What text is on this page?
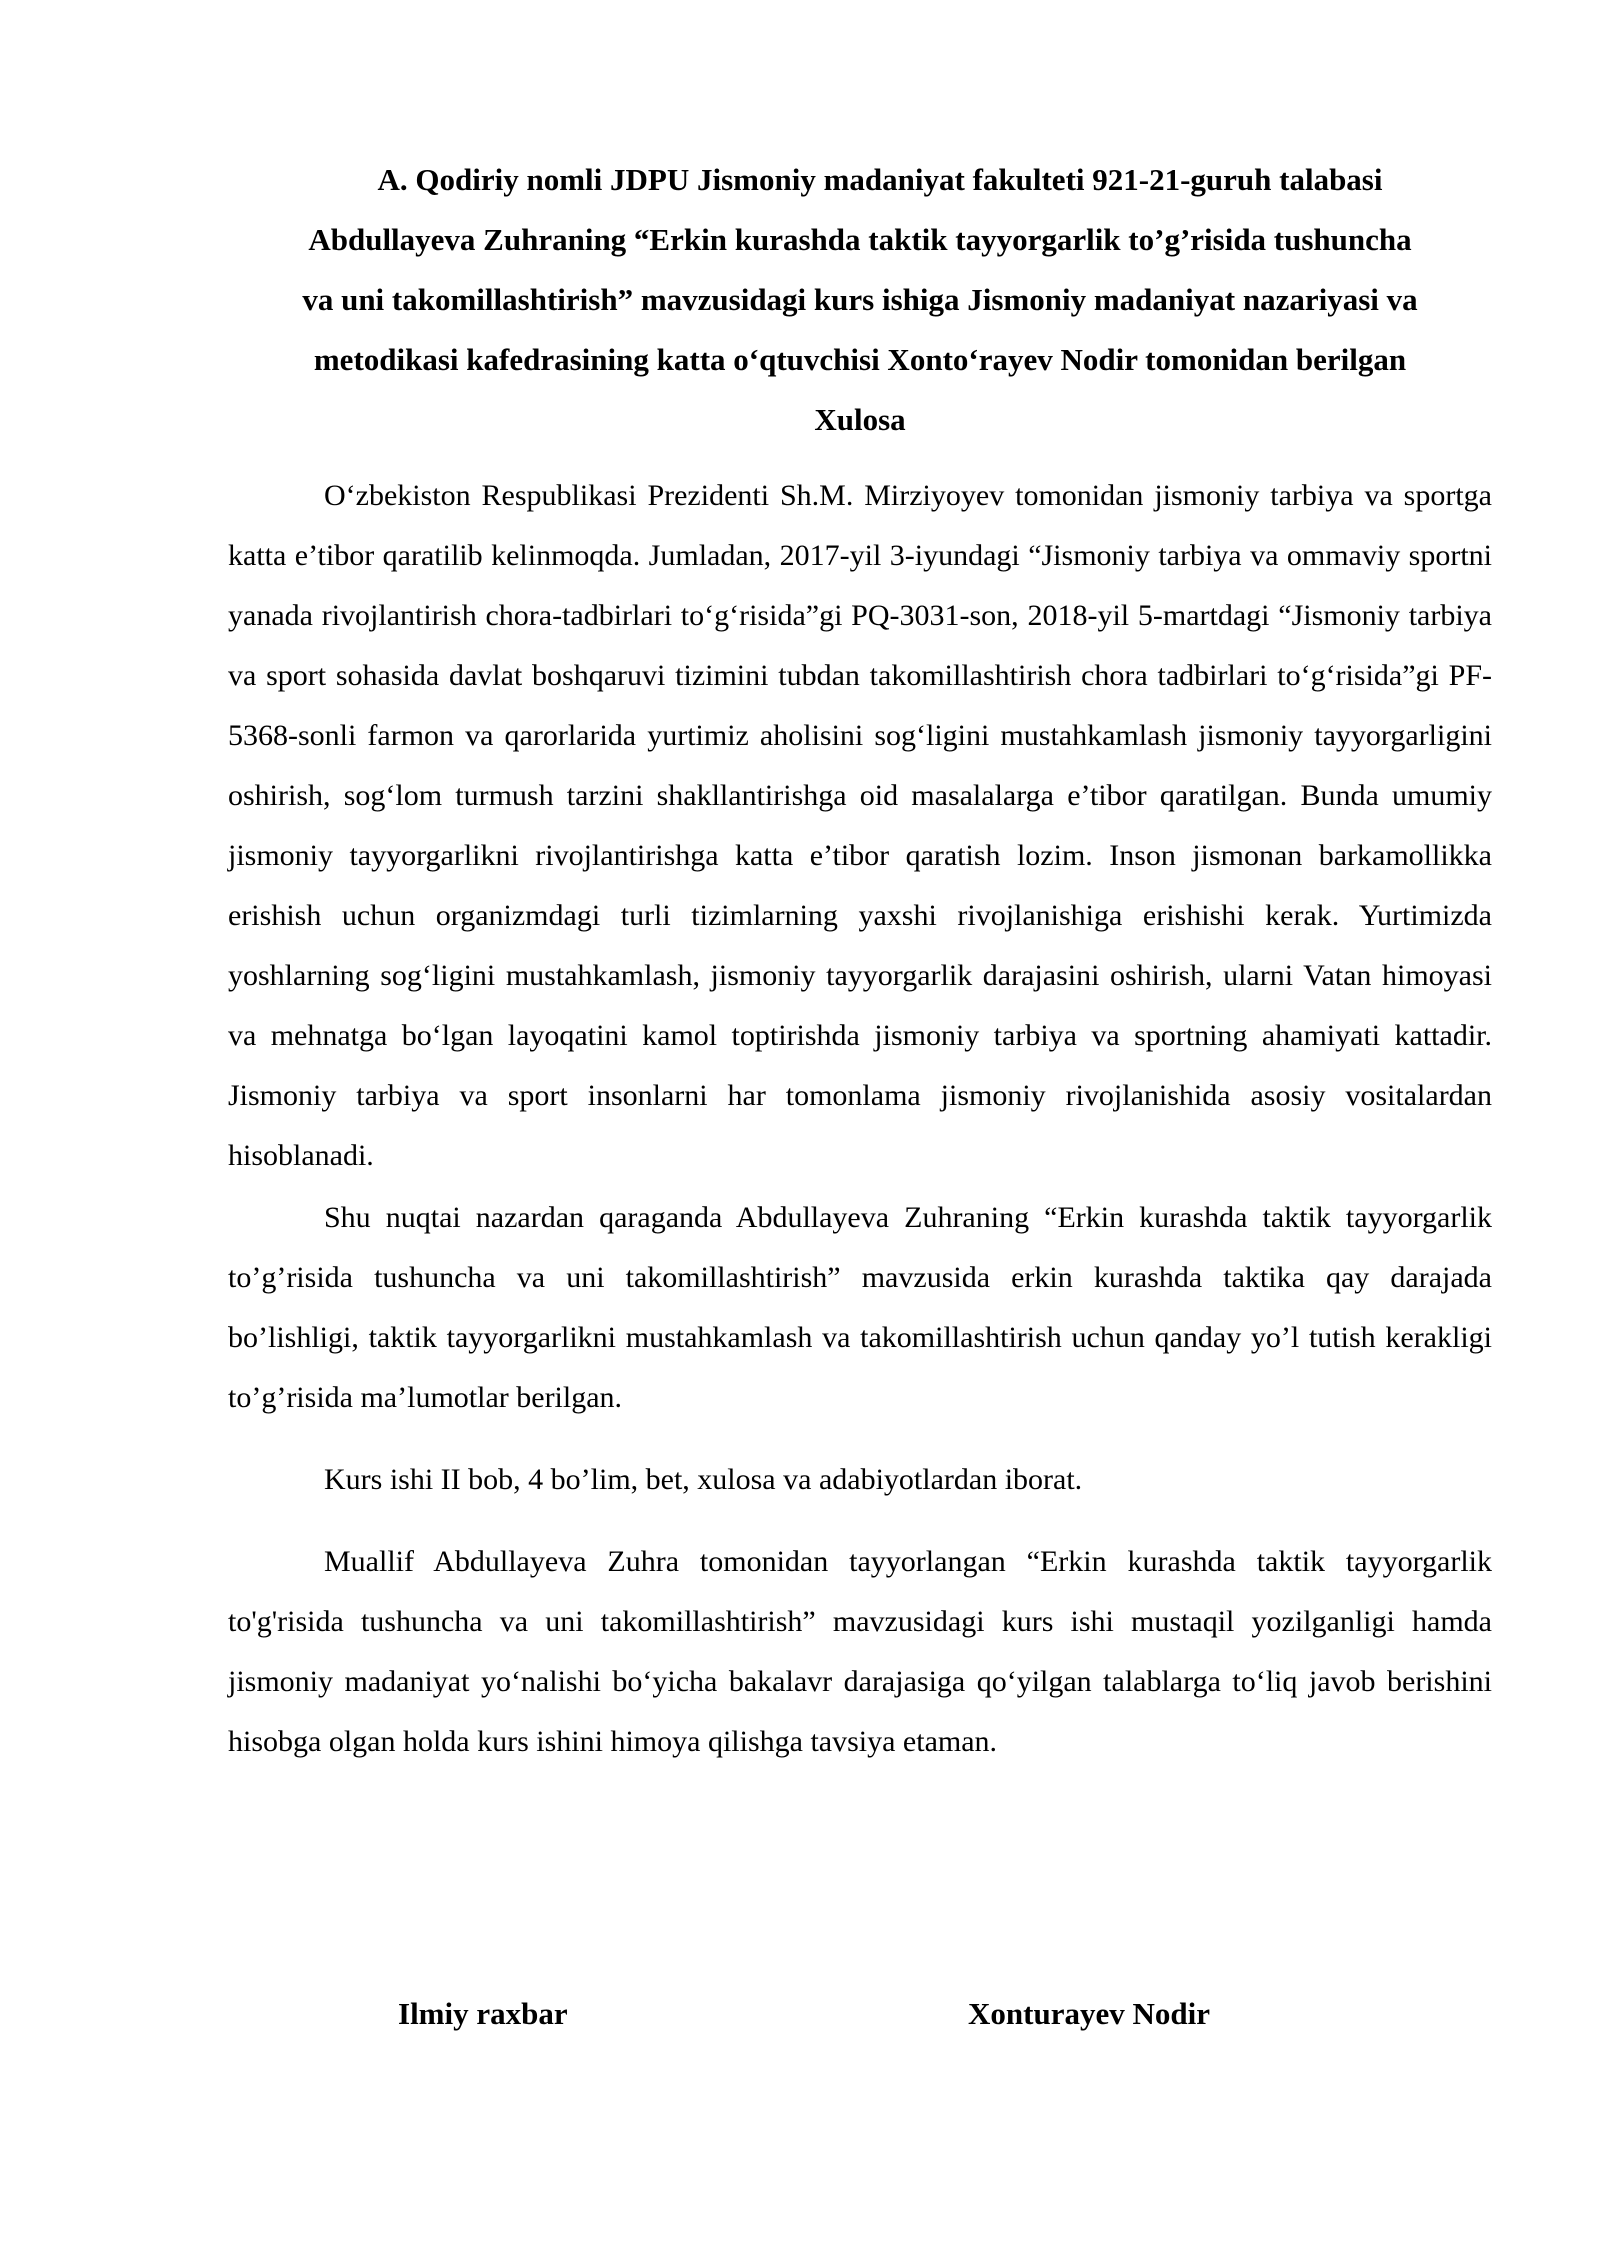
A. Qodiriy nomli JDPU Jismoniy madaniyat fakulteti 921-21-guruh talabasi
Abdullayeva Zuhraning “Erkin kurashda taktik tayyorgarlik to’g’risida tushuncha
va uni takomillashtirish” mavzusidagi kurs ishiga Jismoniy madaniyat nazariyasi va
metodikasi kafedrasining katta o‘qtuvchisi Xonto‘rayev Nodir tomonidan berilgan
Xulosa

O‘zbekiston Respublikasi Prezidenti Sh.M. Mirziyoyev tomonidan jismoniy tarbiya va sportga katta e’tibor qaratilib kelinmoqda. Jumladan, 2017-yil 3-iyundagi “Jismoniy tarbiya va ommaviy sportni yanada rivojlantirish chora-tadbirlari to‘g‘risida”gi PQ-3031-son, 2018-yil 5-martdagi “Jismoniy tarbiya va sport sohasida davlat boshqaruvi tizimini tubdan takomillashtirish chora tadbirlari to‘g‘risida”gi PF-5368-sonli farmon va qarorlarida yurtimiz aholisini sog‘ligini mustahkamlash jismoniy tayyorgarligini oshirish, sog‘lom turmush tarzini shakllantirishga oid masalalarga e’tibor qaratilgan. Bunda umumiy jismoniy tayyorgarlikni rivojlantirishga katta e’tibor qaratish lozim. Inson jismonan barkamollikka erishish uchun organizmdagi turli tizimlarning yaxshi rivojlanishiga erishishi kerak. Yurtimizda yoshlarning sog‘ligini mustahkamlash, jismoniy tayyorgarlik darajasini oshirish, ularni Vatan himoyasi va mehnatga bo‘lgan layoqatini kamol toptirishda jismoniy tarbiya va sportning ahamiyati kattadir. Jismoniy tarbiya va sport insonlarni har tomonlama jismoniy rivojlanishida asosiy vositalardan hisoblanadi.

Shu nuqtai nazardan qaraganda Abdullayeva Zuhraning “Erkin kurashda taktik tayyorgarlik to’g’risida tushuncha va uni takomillashtirish” mavzusida erkin kurashda taktika qay darajada bo’lishligi, taktik tayyorgarlikni mustahkamlash va takomillashtirish uchun qanday yo’l tutish kerakligi to’g’risida ma’lumotlar berilgan.

Kurs ishi II bob, 4 bo’lim, bet, xulosa va adabiyotlardan iborat.

Muallif Abdullayeva Zuhra tomonidan tayyorlangan “Erkin kurashda taktik tayyorgarlik to'g'risida tushuncha va uni takomillashtirish” mavzusidagi kurs ishi mustaqil yozilganligi hamda jismoniy madaniyat yo‘nalishi bo‘yicha bakalavr darajasiga qo‘yilgan talablarga to‘liq javob berishini hisobga olgan holda kurs ishini himoya qilishga tavsiya etaman.

Ilmiy raxbar	Xonturayev Nodir
